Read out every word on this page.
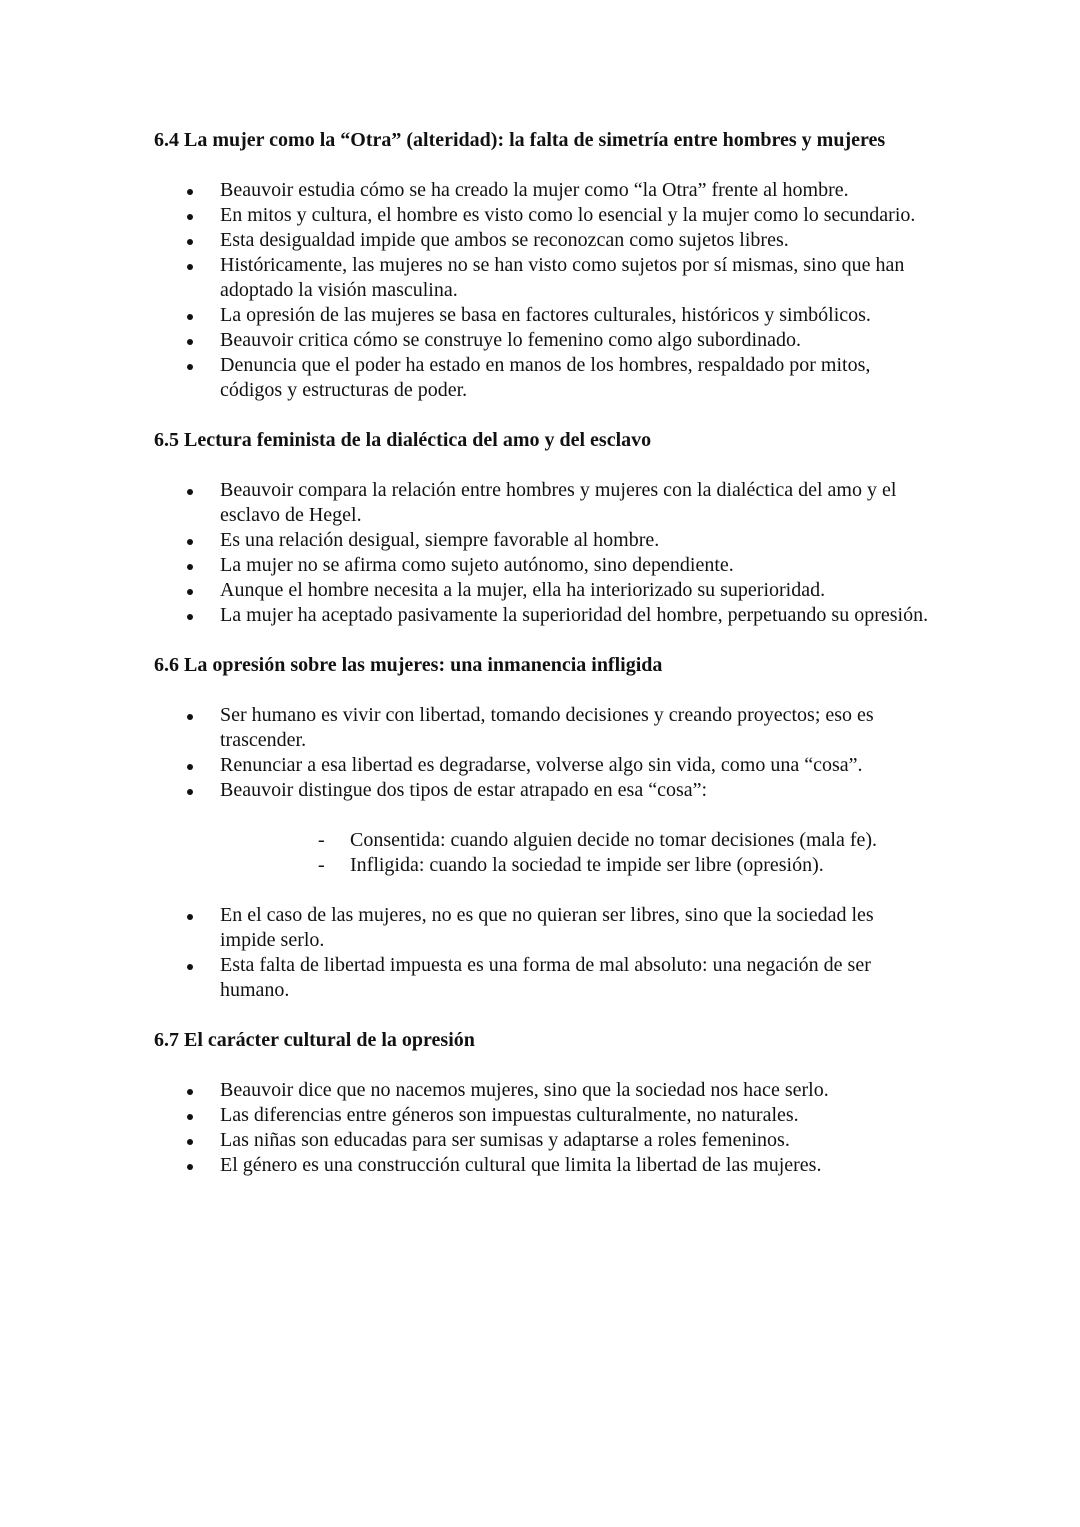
6.4 La mujer como la “Otra” (alteridad): la falta de simetría entre hombres y mujeres

Beauvoir estudia cómo se ha creado la mujer como “la Otra” frente al hombre.
En mitos y cultura, el hombre es visto como lo esencial y la mujer como lo secundario.
Esta desigualdad impide que ambos se reconozcan como sujetos libres.
Históricamente, las mujeres no se han visto como sujetos por sí mismas, sino que han adoptado la visión masculina.
La opresión de las mujeres se basa en factores culturales, históricos y simbólicos.
Beauvoir critica cómo se construye lo femenino como algo subordinado.
Denuncia que el poder ha estado en manos de los hombres, respaldado por mitos, códigos y estructuras de poder.

6.5 Lectura feminista de la dialéctica del amo y del esclavo

Beauvoir compara la relación entre hombres y mujeres con la dialéctica del amo y el esclavo de Hegel.
Es una relación desigual, siempre favorable al hombre.
La mujer no se afirma como sujeto autónomo, sino dependiente.
Aunque el hombre necesita a la mujer, ella ha interiorizado su superioridad.
La mujer ha aceptado pasivamente la superioridad del hombre, perpetuando su opresión.

6.6 La opresión sobre las mujeres: una inmanencia infligida

Ser humano es vivir con libertad, tomando decisiones y creando proyectos; eso es trascender.
Renunciar a esa libertad es degradarse, volverse algo sin vida, como una “cosa”.
Beauvoir distingue dos tipos de estar atrapado en esa “cosa”:
- Consentida: cuando alguien decide no tomar decisiones (mala fe).
- Infligida: cuando la sociedad te impide ser libre (opresión).
En el caso de las mujeres, no es que no quieran ser libres, sino que la sociedad les impide serlo.
Esta falta de libertad impuesta es una forma de mal absoluto: una negación de ser humano.

6.7 El carácter cultural de la opresión

Beauvoir dice que no nacemos mujeres, sino que la sociedad nos hace serlo.
Las diferencias entre géneros son impuestas culturalmente, no naturales.
Las niñas son educadas para ser sumisas y adaptarse a roles femeninos.
El género es una construcción cultural que limita la libertad de las mujeres.
